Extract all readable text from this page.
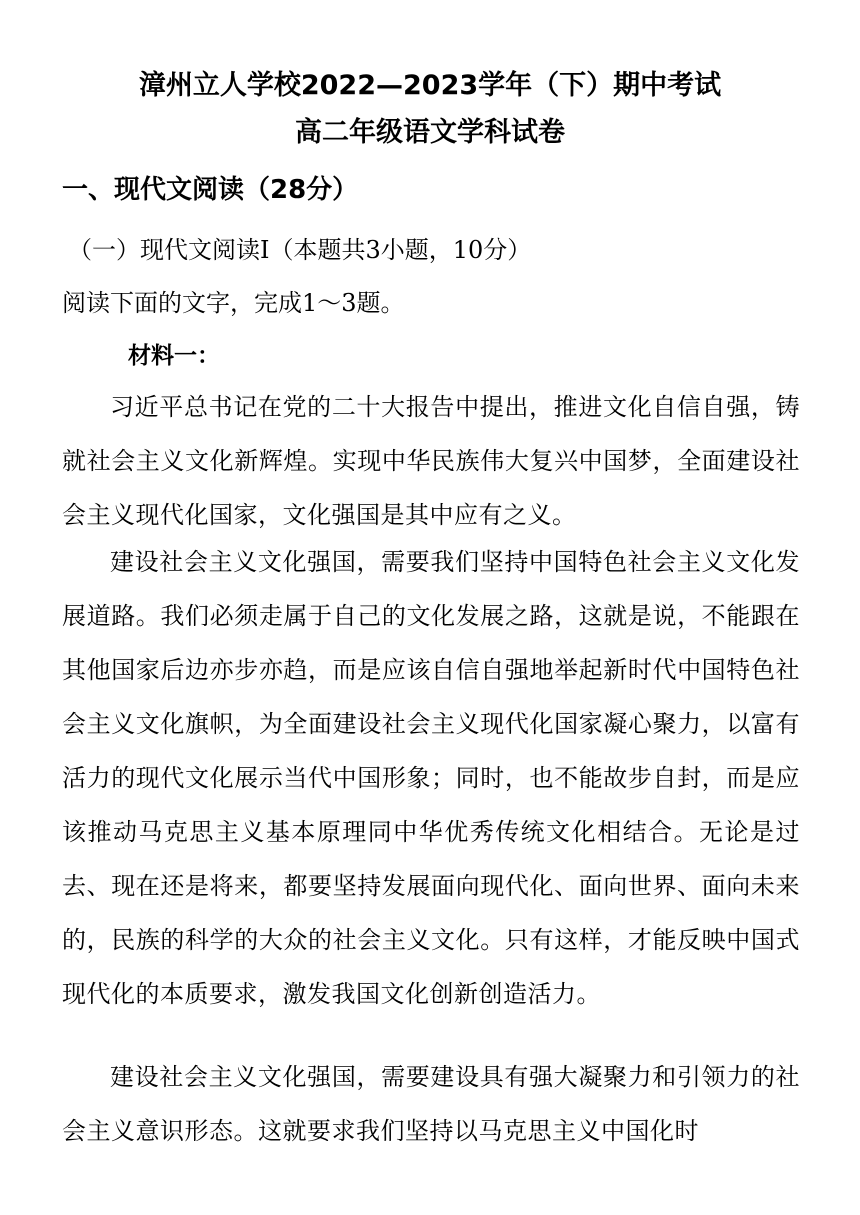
漳州立人学校2022—2023学年（下）期中考试
高二年级语文学科试卷
一、现代文阅读（28分）
（一）现代文阅读Ⅰ（本题共3小题，10分）
阅读下面的文字，完成1～3题。
材料一：

习近平总书记在党的二十大报告中提出，推进文化自信自强，铸就社会主义文化新辉煌。实现中华民族伟大复兴中国梦，全面建设社会主义现代化国家，文化强国是其中应有之义。

建设社会主义文化强国，需要我们坚持中国特色社会主义文化发展道路。我们必须走属于自己的文化发展之路，这就是说，不能跟在其他国家后边亦步亦趋，而是应该自信自强地举起新时代中国特色社会主义文化旗帜，为全面建设社会主义现代化国家凝心聚力，以富有活力的现代文化展示当代中国形象；同时，也不能故步自封，而是应该推动马克思主义基本原理同中华优秀传统文化相结合。无论是过去、现在还是将来，都要坚持发展面向现代化、面向世界、面向未来的，民族的科学的大众的社会主义文化。只有这样，才能反映中国式现代化的本质要求，激发我国文化创新创造活力。

建设社会主义文化强国，需要建设具有强大凝聚力和引领力的社会主义意识形态。这就要求我们坚持以马克思主义中国化时
